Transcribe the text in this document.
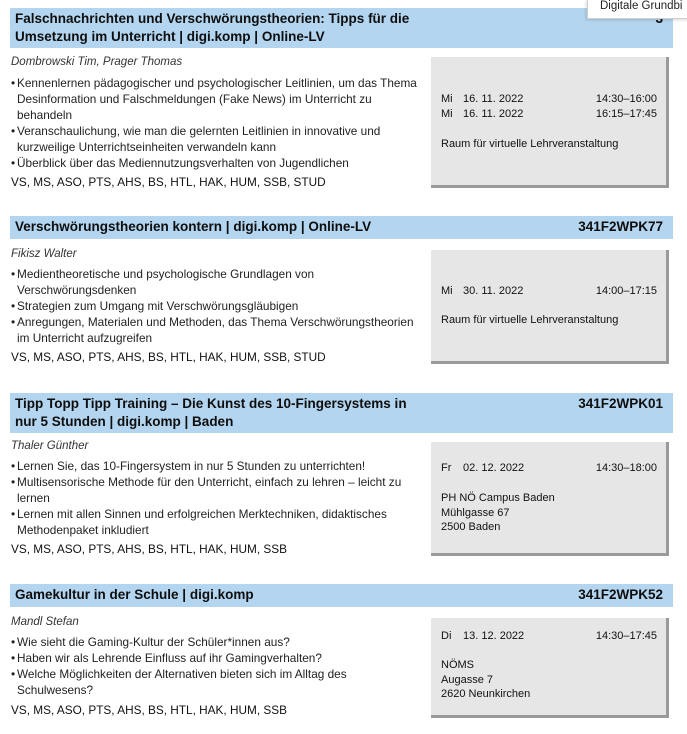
Falschnachrichten und Verschwörungstheorien: Tipps für die
Umsetzung im Unterricht | digi.komp | Online-LV
Dombrowski Tim, Prager Thomas
• Kennenlernen pädagogischer und psychologischer Leitlinien, um das Thema Desinformation und Falschmeldungen (Fake News) im Unterricht zu behandeln
• Veranschaulichung, wie man die gelernten Leitlinien in innovative und kurzweilige Unterrichtseinheiten verwandeln kann
• Überblick über das Mediennutzungsverhalten von Jugendlichen
VS, MS, ASO, PTS, AHS, BS, HTL, HAK, HUM, SSB, STUD
Mi 16. 11. 2022	14:30–16:00
Mi 16. 11. 2022	16:15–17:45
Raum für virtuelle Lehrveranstaltung
Verschwörungstheorien kontern | digi.komp | Online-LV	341F2WPK77
Fikisz Walter
• Medientheoretische und psychologische Grundlagen von Verschwörungsdenken
• Strategien zum Umgang mit Verschwörungsgläubigen
• Anregungen, Materialen und Methoden, das Thema Verschwörungstheorien im Unterricht aufzugreifen
VS, MS, ASO, PTS, AHS, BS, HTL, HAK, HUM, SSB, STUD
Mi 30. 11. 2022	14:00–17:15
Raum für virtuelle Lehrveranstaltung
Tipp Topp Tipp Training – Die Kunst des 10-Fingersystems in
nur 5 Stunden | digi.komp | Baden
341F2WPK01
Thaler Günther
• Lernen Sie, das 10-Fingersystem in nur 5 Stunden zu unterrichten!
• Multisensorische Methode für den Unterricht, einfach zu lehren – leicht zu lernen
• Lernen mit allen Sinnen und erfolgreichen Merktechniken, didaktisches Methodenpaket inkludiert
VS, MS, ASO, PTS, AHS, BS, HTL, HAK, HUM, SSB
Fr 02. 12. 2022	14:30–18:00
PH NÖ Campus Baden
Mühlgasse 67
2500 Baden
Gamekultur in der Schule | digi.komp	341F2WPK52
Mandl Stefan
• Wie sieht die Gaming-Kultur der Schüler*innen aus?
• Haben wir als Lehrende Einfluss auf ihr Gamingverhalten?
• Welche Möglichkeiten der Alternativen bieten sich im Alltag des Schulwesens?
VS, MS, ASO, PTS, AHS, BS, HTL, HAK, HUM, SSB
Di 13. 12. 2022	14:30–17:45
NÖMS
Augasse 7
2620 Neunkirchen
Digitale Grundbi
